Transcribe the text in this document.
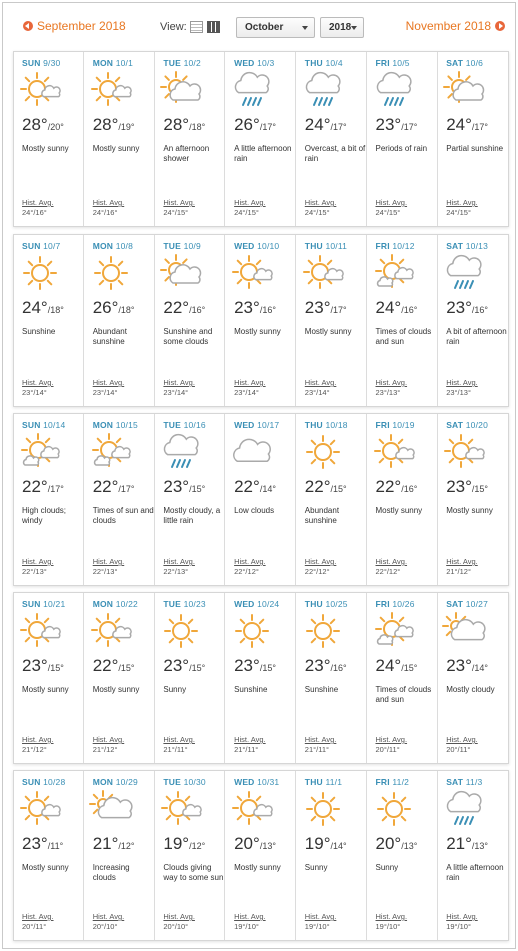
September 2018	View:	October	2018	November 2018
SUN 9/30
28°/20°
Mostly sunny
Hist. Avg.
24°/16°
MON 10/1
28°/19°
Mostly sunny
Hist. Avg.
24°/16°
TUE 10/2
28°/18°
An afternoon shower
Hist. Avg.
24°/15°
WED 10/3
26°/17°
A little afternoon rain
Hist. Avg.
24°/15°
THU 10/4
24°/17°
Overcast, a bit of rain
Hist. Avg.
24°/15°
FRI 10/5
23°/17°
Periods of rain
Hist. Avg.
24°/15°
SAT 10/6
24°/17°
Partial sunshine
Hist. Avg.
24°/15°
SUN 10/7
24°/18°
Sunshine
Hist. Avg.
23°/14°
MON 10/8
26°/18°
Abundant sunshine
Hist. Avg.
23°/14°
TUE 10/9
22°/16°
Sunshine and some clouds
Hist. Avg.
23°/14°
WED 10/10
23°/16°
Mostly sunny
Hist. Avg.
23°/14°
THU 10/11
23°/17°
Mostly sunny
Hist. Avg.
23°/14°
FRI 10/12
24°/16°
Times of clouds and sun
Hist. Avg.
23°/13°
SAT 10/13
23°/16°
A bit of afternoon rain
Hist. Avg.
23°/13°
SUN 10/14
22°/17°
High clouds; windy
Hist. Avg.
22°/13°
MON 10/15
22°/17°
Times of sun and clouds
Hist. Avg.
22°/13°
TUE 10/16
23°/15°
Mostly cloudy, a little rain
Hist. Avg.
22°/13°
WED 10/17
22°/14°
Low clouds
Hist. Avg.
22°/12°
THU 10/18
22°/15°
Abundant sunshine
Hist. Avg.
22°/12°
FRI 10/19
22°/16°
Mostly sunny
Hist. Avg.
22°/12°
SAT 10/20
23°/15°
Mostly sunny
Hist. Avg.
21°/12°
SUN 10/21
23°/15°
Mostly sunny
Hist. Avg.
21°/12°
MON 10/22
22°/15°
Mostly sunny
Hist. Avg.
21°/12°
TUE 10/23
23°/15°
Sunny
Hist. Avg.
21°/11°
WED 10/24
23°/15°
Sunshine
Hist. Avg.
21°/11°
THU 10/25
23°/16°
Sunshine
Hist. Avg.
21°/11°
FRI 10/26
24°/15°
Times of clouds and sun
Hist. Avg.
20°/11°
SAT 10/27
23°/14°
Mostly cloudy
Hist. Avg.
20°/11°
SUN 10/28
23°/11°
Mostly sunny
Hist. Avg.
20°/11°
MON 10/29
21°/12°
Increasing clouds
Hist. Avg.
20°/10°
TUE 10/30
19°/12°
Clouds giving way to some sun
Hist. Avg.
20°/10°
WED 10/31
20°/13°
Mostly sunny
Hist. Avg.
19°/10°
THU 11/1
19°/14°
Sunny
Hist. Avg.
19°/10°
FRI 11/2
20°/13°
Sunny
Hist. Avg.
19°/10°
SAT 11/3
21°/13°
A little afternoon rain
Hist. Avg.
19°/10°
